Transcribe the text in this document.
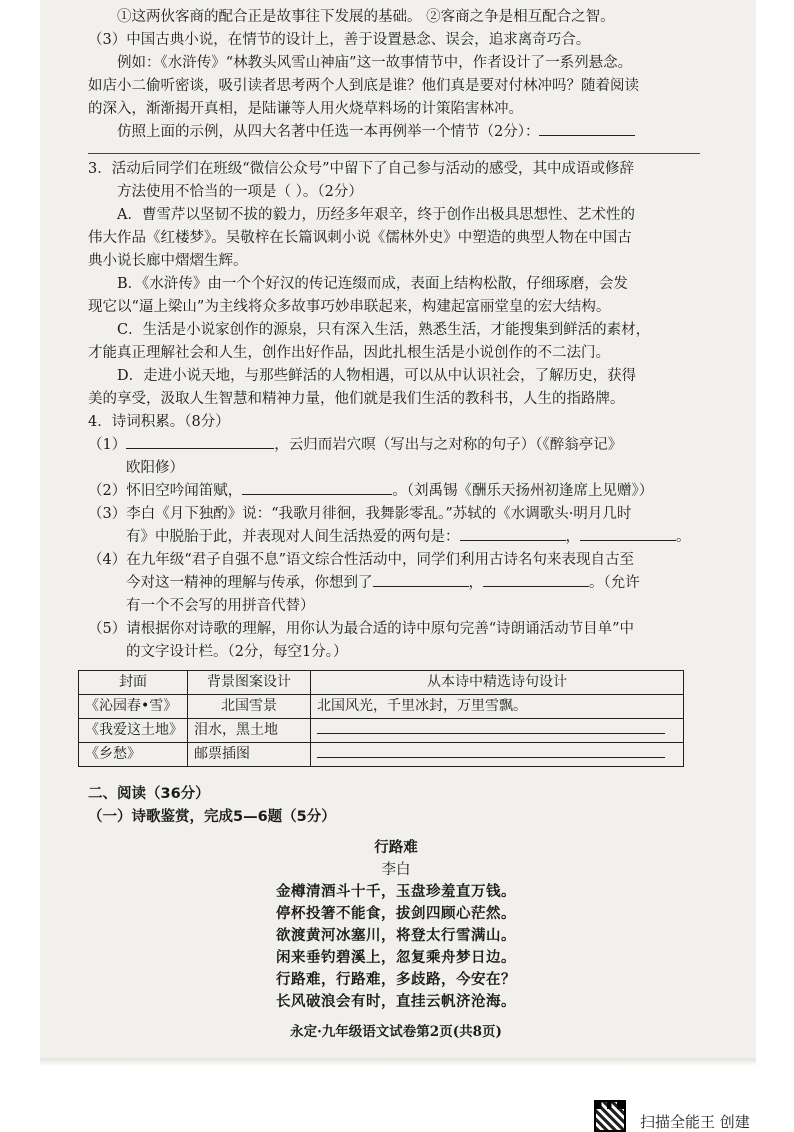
①这两伙客商的配合正是故事往下发展的基础。 ②客商之争是相互配合之智。

（3）中国古典小说，在情节的设计上，善于设置悬念、误会，追求离奇巧合。

例如：《水浒传》“林教头风雪山神庙”这一故事情节中，作者设计了一系列悬念。

如店小二偷听密谈，吸引读者思考两个人到底是谁？他们真是要对付林冲吗？随着阅读

的深入，渐渐揭开真相，是陆谦等人用火烧草料场的计策陷害林冲。

仿照上面的示例，从四大名著中任选一本再例举一个情节（2分）：

3．活动后同学们在班级“微信公众号”中留下了自己参与活动的感受，其中成语或修辞

方法使用不恰当的一项是（ ）。（2分）

A．曹雪芹以坚韧不拔的毅力，历经多年艰辛，终于创作出极具思想性、艺术性的

伟大作品《红楼梦》。吴敬梓在长篇讽刺小说《儒林外史》中塑造的典型人物在中国古

典小说长廊中熠熠生辉。

B．《水浒传》由一个个好汉的传记连缀而成，表面上结构松散，仔细琢磨，会发

现它以“逼上梁山”为主线将众多故事巧妙串联起来，构建起富丽堂皇的宏大结构。

C．生活是小说家创作的源泉，只有深入生活，熟悉生活，才能搜集到鲜活的素材，

才能真正理解社会和人生，创作出好作品，因此扎根生活是小说创作的不二法门。

D．走进小说天地，与那些鲜活的人物相遇，可以从中认识社会，了解历史，获得

美的享受，汲取人生智慧和精神力量，他们就是我们生活的教科书，人生的指路牌。

4．诗词积累。（8分）

（1）	，云归而岩穴暝（写出与之对称的句子）（《醉翁亭记》

欧阳修）

（2）怀旧空吟闻笛赋，	。（刘禹锡《酬乐天扬州初逢席上见赠》）

（3）李白《月下独酌》说：“我歌月徘徊，我舞影零乱。”苏轼的《水调歌头·明月几时

有》中脱胎于此，并表现对人间生活热爱的两句是：	，	。

（4）在九年级“君子自强不息”语文综合性活动中，同学们利用古诗名句来表现自古至

今对这一精神的理解与传承，你想到了	，	。（允许

有一个不会写的用拼音代替）

（5）请根据你对诗歌的理解，用你认为最合适的诗中原句完善“诗朗诵活动节目单”中

的文字设计栏。（2分，每空1分。）

封面	背景图案设计	从本诗中精选诗句设计
《沁园春•雪》	北国雪景	北国风光，千里冰封，万里雪飘。
《我爱这土地》	泪水，黑土地	
《乡愁》	邮票插图	

二、阅读（36分）

（一）诗歌鉴赏，完成5—6题（5分）

行路难
李白
金樽清酒斗十千，玉盘珍羞直万钱。
停杯投箸不能食，拔剑四顾心茫然。
欲渡黄河冰塞川，将登太行雪满山。
闲来垂钓碧溪上，忽复乘舟梦日边。
行路难，行路难，多歧路，今安在？
长风破浪会有时，直挂云帆济沧海。
永定·九年级语文试卷第2页(共8页)
扫描全能王 创建
